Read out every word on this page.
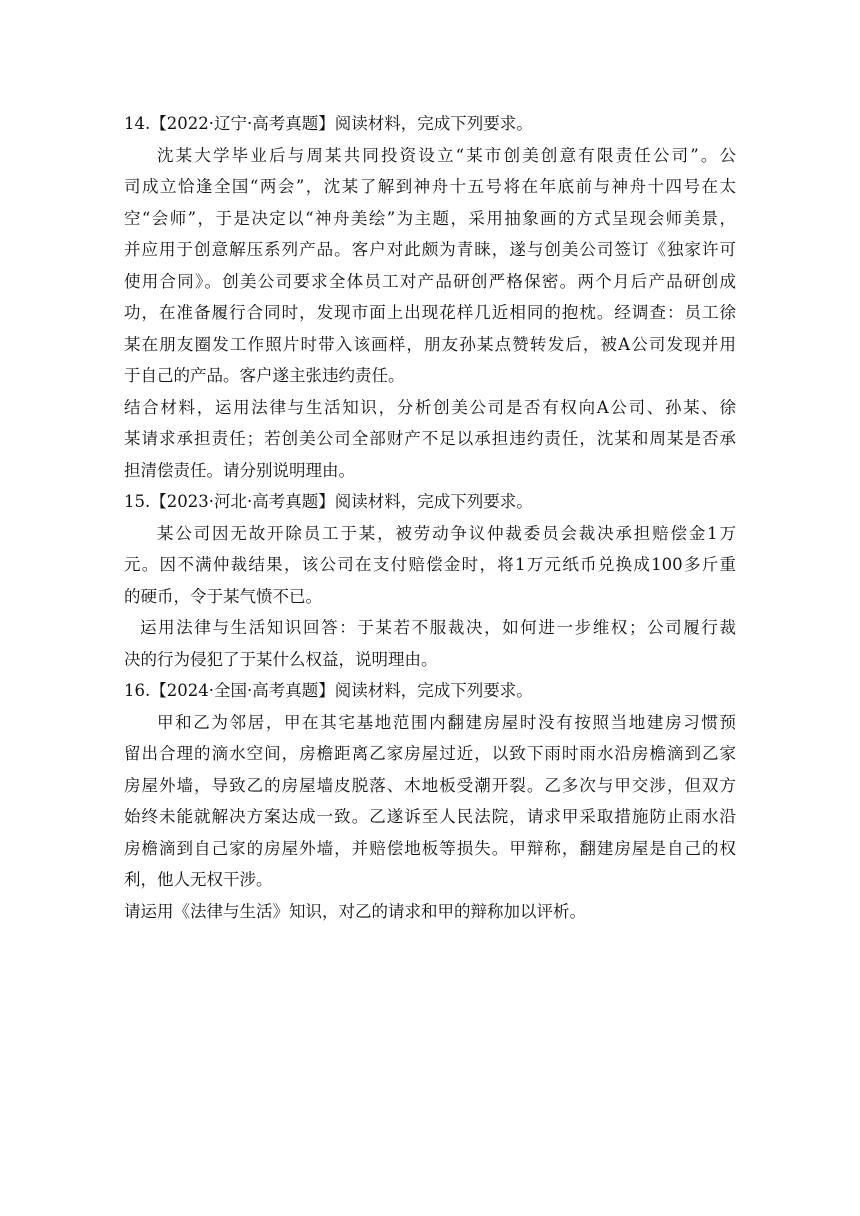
14.【2022·辽宁·高考真题】阅读材料，完成下列要求。
沈某大学毕业后与周某共同投资设立“某市创美创意有限责任公司”。公
司成立恰逢全国“两会”，沈某了解到神舟十五号将在年底前与神舟十四号在太
空“会师”，于是决定以“神舟美绘”为主题，采用抽象画的方式呈现会师美景，
并应用于创意解压系列产品。客户对此颇为青睐，遂与创美公司签订《独家许可
使用合同》。创美公司要求全体员工对产品研创严格保密。两个月后产品研创成
功，在准备履行合同时，发现市面上出现花样几近相同的抱枕。经调查：员工徐
某在朋友圈发工作照片时带入该画样，朋友孙某点赞转发后，被A公司发现并用
于自己的产品。客户遂主张违约责任。
结合材料，运用法律与生活知识，分析创美公司是否有权向A公司、孙某、徐
某请求承担责任；若创美公司全部财产不足以承担违约责任，沈某和周某是否承
担清偿责任。请分别说明理由。
15.【2023·河北·高考真题】阅读材料，完成下列要求。
某公司因无故开除员工于某，被劳动争议仲裁委员会裁决承担赔偿金1万
元。因不满仲裁结果，该公司在支付赔偿金时，将1万元纸币兑换成100多斤重
的硬币，令于某气愤不已。
运用法律与生活知识回答：于某若不服裁决，如何进一步维权；公司履行裁
决的行为侵犯了于某什么权益，说明理由。
16.【2024·全国·高考真题】阅读材料，完成下列要求。
甲和乙为邻居，甲在其宅基地范围内翻建房屋时没有按照当地建房习惯预
留出合理的滴水空间，房檐距离乙家房屋过近，以致下雨时雨水沿房檐滴到乙家
房屋外墙，导致乙的房屋墙皮脱落、木地板受潮开裂。乙多次与甲交涉，但双方
始终未能就解决方案达成一致。乙遂诉至人民法院，请求甲采取措施防止雨水沿
房檐滴到自己家的房屋外墙，并赔偿地板等损失。甲辩称，翻建房屋是自己的权
利，他人无权干涉。
请运用《法律与生活》知识，对乙的请求和甲的辩称加以评析。
